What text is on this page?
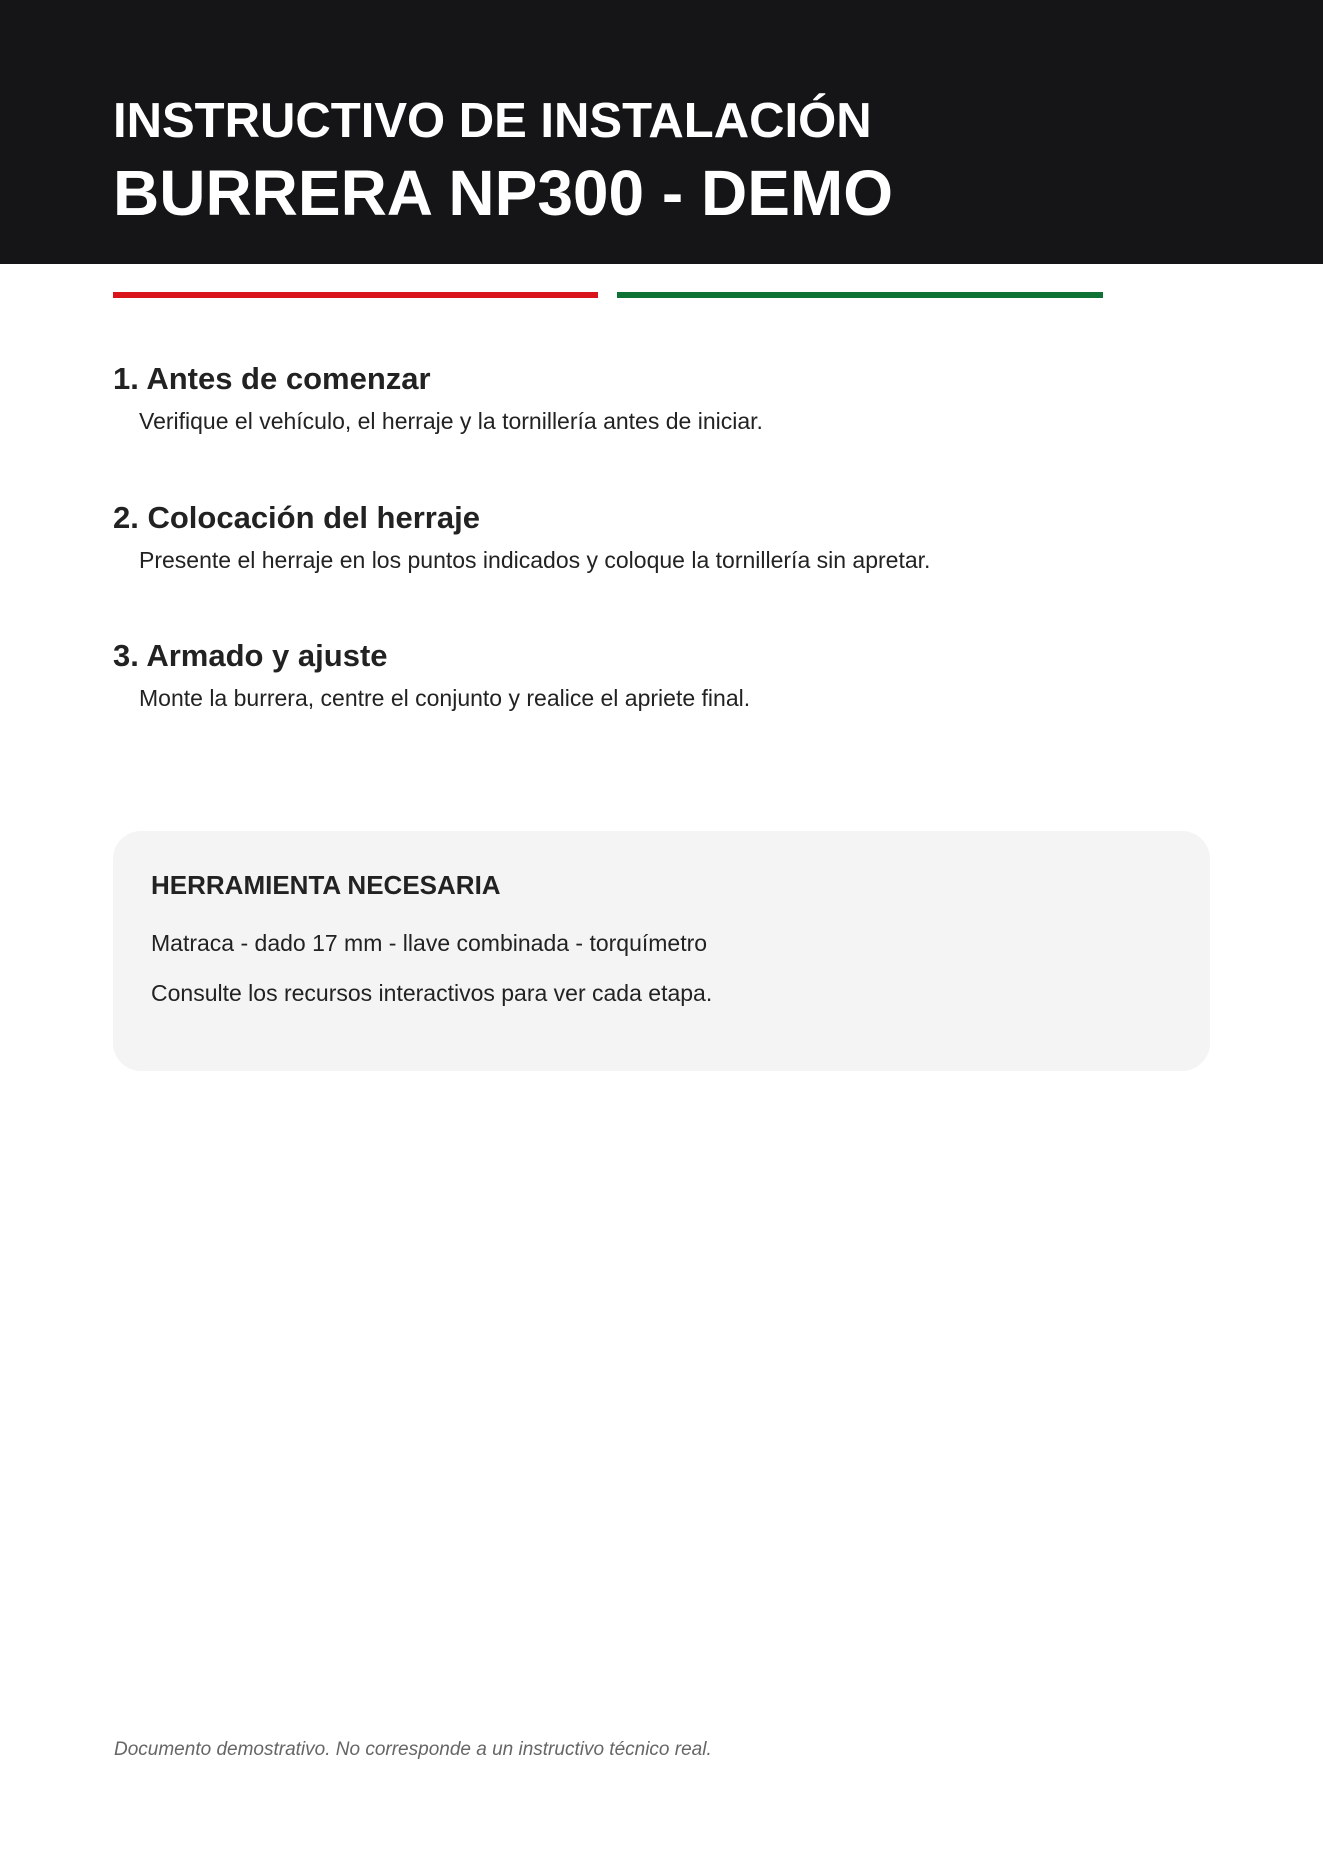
INSTRUCTIVO DE INSTALACIÓN
BURRERA NP300 - DEMO
1. Antes de comenzar
Verifique el vehículo, el herraje y la tornillería antes de iniciar.
2. Colocación del herraje
Presente el herraje en los puntos indicados y coloque la tornillería sin apretar.
3. Armado y ajuste
Monte la burrera, centre el conjunto y realice el apriete final.
HERRAMIENTA NECESARIA
Matraca - dado 17 mm - llave combinada - torquímetro
Consulte los recursos interactivos para ver cada etapa.
Documento demostrativo. No corresponde a un instructivo técnico real.
